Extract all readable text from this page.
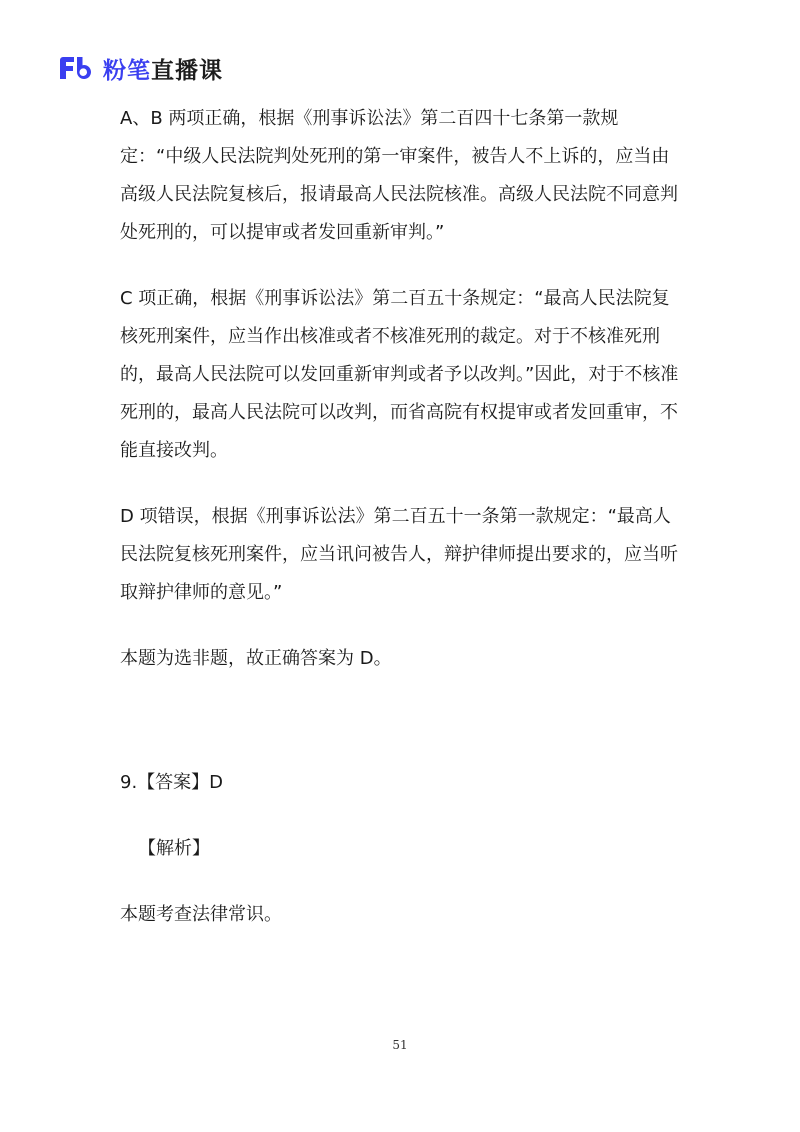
粉笔直播课

A、B 两项正确，根据《刑事诉讼法》第二百四十七条第一款规定：“中级人民法院判处死刑的第一审案件，被告人不上诉的，应当由高级人民法院复核后，报请最高人民法院核准。高级人民法院不同意判处死刑的，可以提审或者发回重新审判。”

C 项正确，根据《刑事诉讼法》第二百五十条规定：“最高人民法院复核死刑案件，应当作出核准或者不核准死刑的裁定。对于不核准死刑的，最高人民法院可以发回重新审判或者予以改判。”因此，对于不核准死刑的，最高人民法院可以改判，而省高院有权提审或者发回重审，不能直接改判。

D 项错误，根据《刑事诉讼法》第二百五十一条第一款规定：“最高人民法院复核死刑案件，应当讯问被告人，辩护律师提出要求的，应当听取辩护律师的意见。”

本题为选非题，故正确答案为 D。

9.【答案】D

【解析】

本题考查法律常识。

51
